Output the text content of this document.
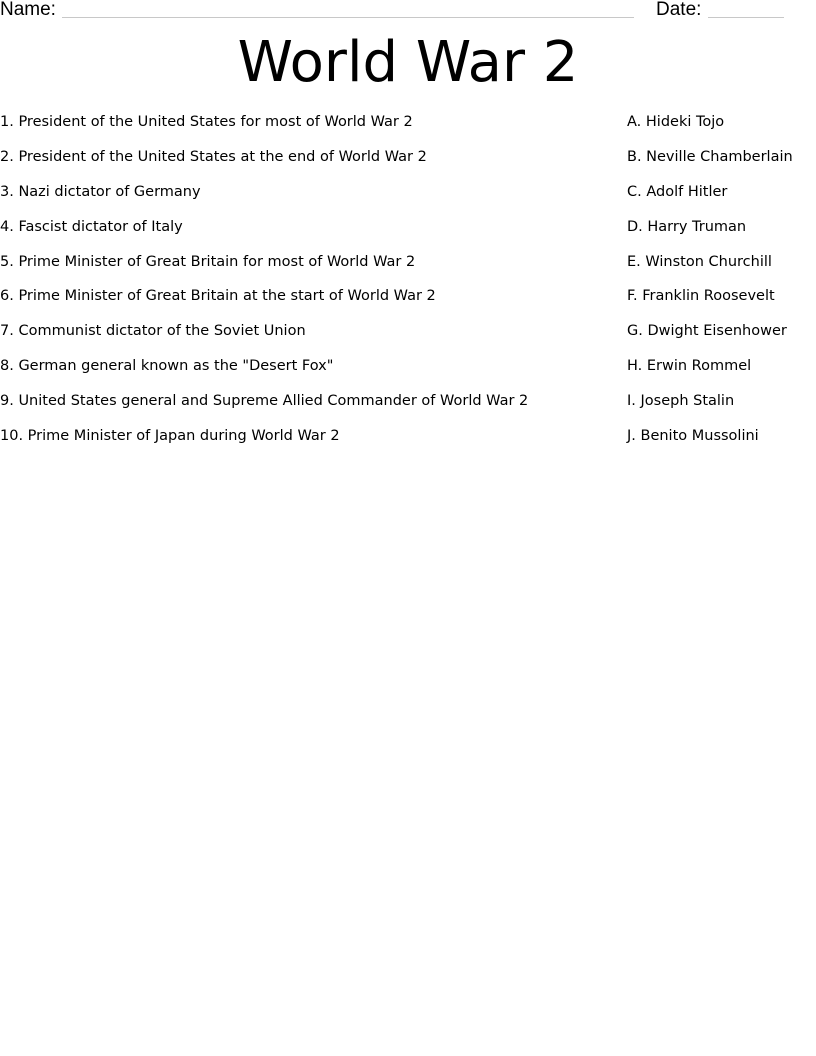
Name:	Date:
World War 2
1. President of the United States for most of World War 2
2. President of the United States at the end of World War 2
3. Nazi dictator of Germany
4. Fascist dictator of Italy
5. Prime Minister of Great Britain for most of World War 2
6. Prime Minister of Great Britain at the start of World War 2
7. Communist dictator of the Soviet Union
8. German general known as the "Desert Fox"
9. United States general and Supreme Allied Commander of World War 2
10. Prime Minister of Japan during World War 2
A. Hideki Tojo
B. Neville Chamberlain
C. Adolf Hitler
D. Harry Truman
E. Winston Churchill
F. Franklin Roosevelt
G. Dwight Eisenhower
H. Erwin Rommel
I. Joseph Stalin
J. Benito Mussolini
